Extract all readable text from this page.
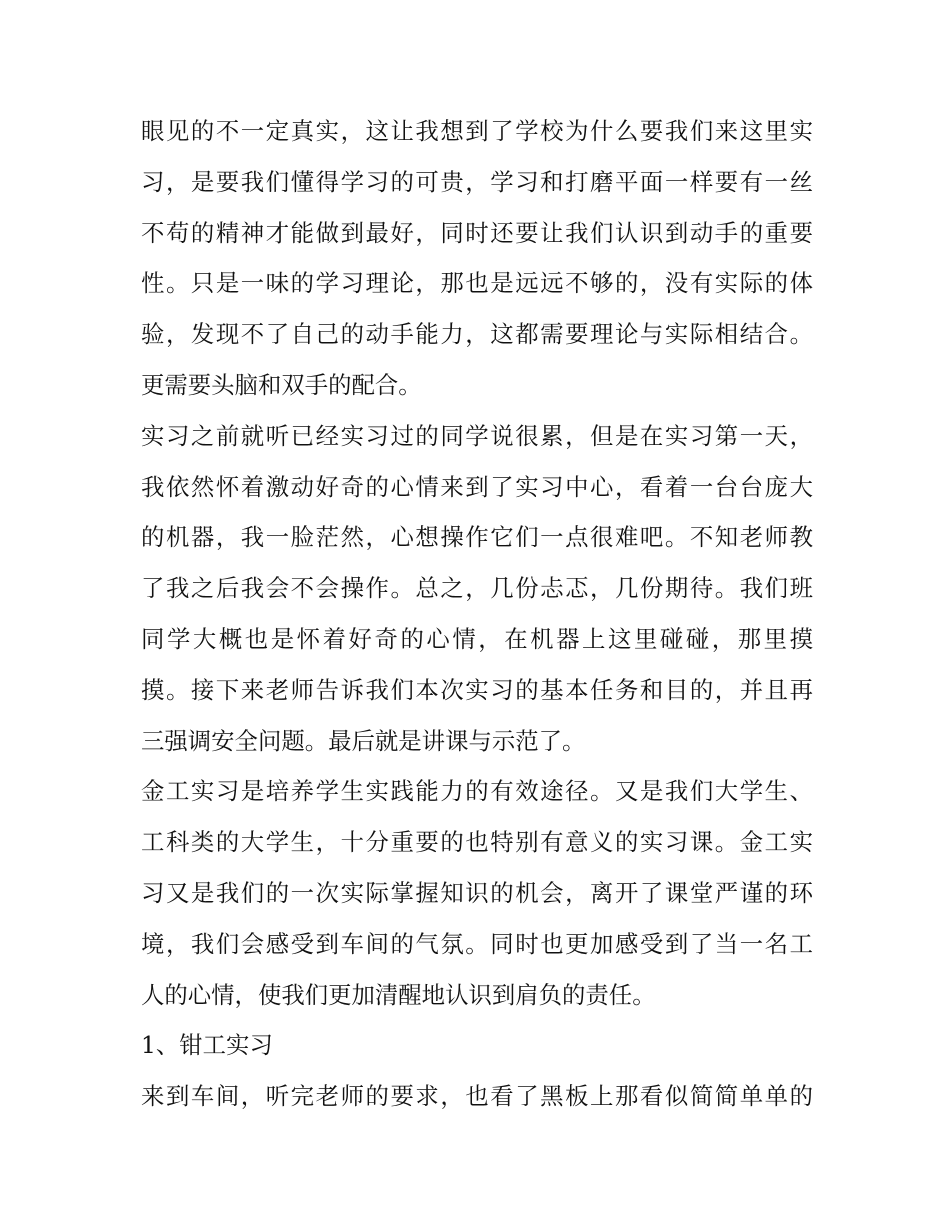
眼见的不一定真实，这让我想到了学校为什么要我们来这里实
习，是要我们懂得学习的可贵，学习和打磨平面一样要有一丝
不苟的精神才能做到最好，同时还要让我们认识到动手的重要
性。只是一味的学习理论，那也是远远不够的，没有实际的体
验，发现不了自己的动手能力，这都需要理论与实际相结合。
更需要头脑和双手的配合。

实习之前就听已经实习过的同学说很累，但是在实习第一天，
我依然怀着激动好奇的心情来到了实习中心，看着一台台庞大
的机器，我一脸茫然，心想操作它们一点很难吧。不知老师教
了我之后我会不会操作。总之，几份忐忑，几份期待。我们班
同学大概也是怀着好奇的心情，在机器上这里碰碰，那里摸
摸。接下来老师告诉我们本次实习的基本任务和目的，并且再
三强调安全问题。最后就是讲课与示范了。

金工实习是培养学生实践能力的有效途径。又是我们大学生、
工科类的大学生，十分重要的也特别有意义的实习课。金工实
习又是我们的一次实际掌握知识的机会，离开了课堂严谨的环
境，我们会感受到车间的气氛。同时也更加感受到了当一名工
人的心情，使我们更加清醒地认识到肩负的责任。

1、钳工实习

来到车间，听完老师的要求，也看了黑板上那看似简简单单的
